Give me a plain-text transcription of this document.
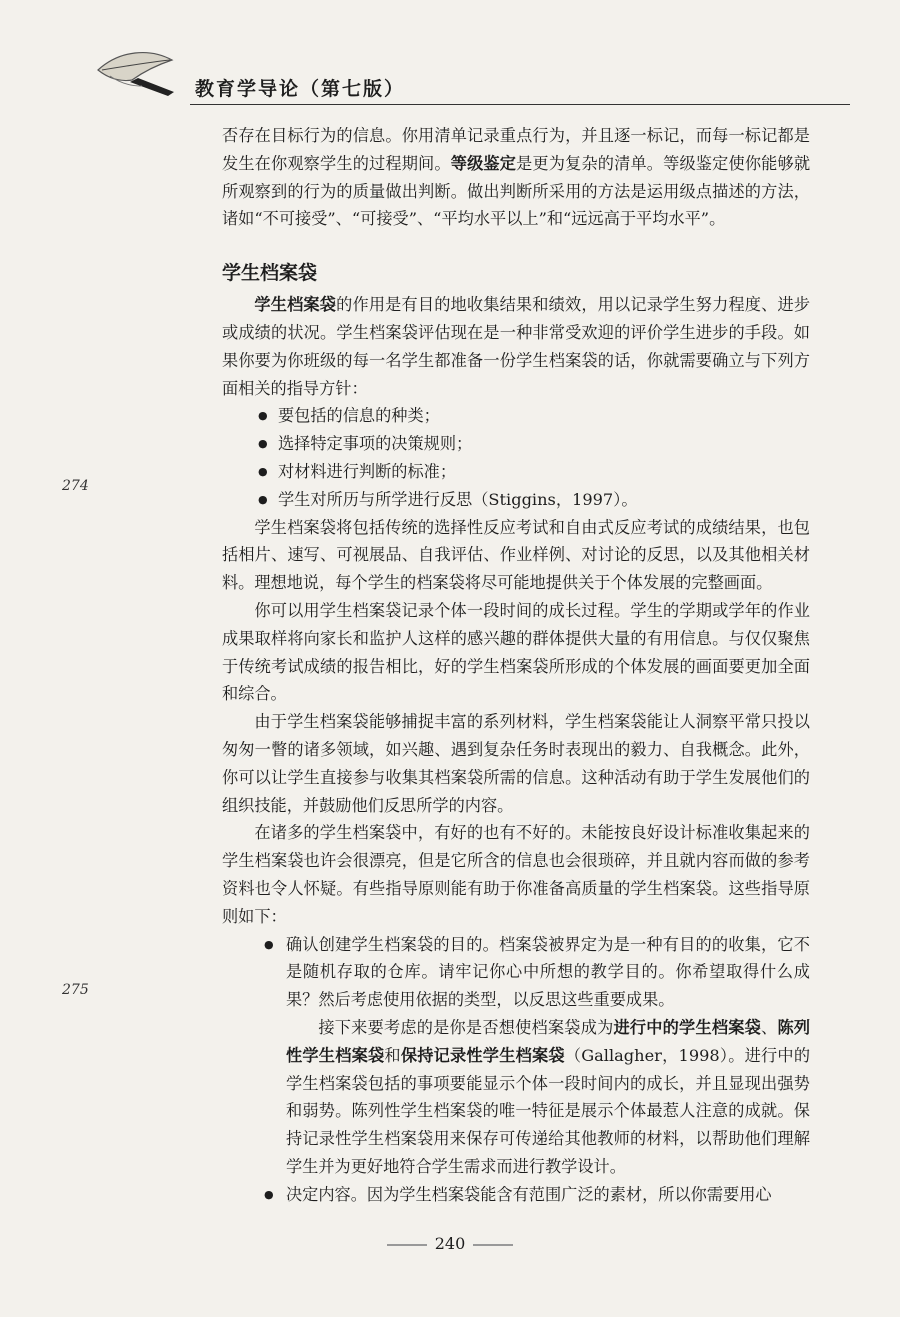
教育学导论（第七版）
274
275

否存在目标行为的信息。你用清单记录重点行为，并且逐一标记，而每一标记都是发生在你观察学生的过程期间。等级鉴定是更为复杂的清单。等级鉴定使你能够就所观察到的行为的质量做出判断。做出判断所采用的方法是运用级点描述的方法，诸如“不可接受”、“可接受”、“平均水平以上”和“远远高于平均水平”。

学生档案袋

学生档案袋的作用是有目的地收集结果和绩效，用以记录学生努力程度、进步或成绩的状况。学生档案袋评估现在是一种非常受欢迎的评价学生进步的手段。如果你要为你班级的每一名学生都准备一份学生档案袋的话，你就需要确立与下列方面相关的指导方针：

● 要包括的信息的种类；
● 选择特定事项的决策规则；
● 对材料进行判断的标准；
● 学生对所历与所学进行反思（Stiggins，1997）。

学生档案袋将包括传统的选择性反应考试和自由式反应考试的成绩结果，也包括相片、速写、可视展品、自我评估、作业样例、对讨论的反思，以及其他相关材料。理想地说，每个学生的档案袋将尽可能地提供关于个体发展的完整画面。

你可以用学生档案袋记录个体一段时间的成长过程。学生的学期或学年的作业成果取样将向家长和监护人这样的感兴趣的群体提供大量的有用信息。与仅仅聚焦于传统考试成绩的报告相比，好的学生档案袋所形成的个体发展的画面要更加全面和综合。

由于学生档案袋能够捕捉丰富的系列材料，学生档案袋能让人洞察平常只投以匆匆一瞥的诸多领域，如兴趣、遇到复杂任务时表现出的毅力、自我概念。此外，你可以让学生直接参与收集其档案袋所需的信息。这种活动有助于学生发展他们的组织技能，并鼓励他们反思所学的内容。

在诸多的学生档案袋中，有好的也有不好的。未能按良好设计标准收集起来的学生档案袋也许会很漂亮，但是它所含的信息也会很琐碎，并且就内容而做的参考资料也令人怀疑。有些指导原则能有助于你准备高质量的学生档案袋。这些指导原则如下：

● 确认创建学生档案袋的目的。档案袋被界定为是一种有目的的收集，它不是随机存取的仓库。请牢记你心中所想的教学目的。你希望取得什么成果？然后考虑使用依据的类型，以反思这些重要成果。

接下来要考虑的是你是否想使档案袋成为进行中的学生档案袋、陈列性学生档案袋和保持记录性学生档案袋（Gallagher，1998）。进行中的学生档案袋包括的事项要能显示个体一段时间内的成长，并且显现出强势和弱势。陈列性学生档案袋的唯一特征是展示个体最惹人注意的成就。保持记录性学生档案袋用来保存可传递给其他教师的材料，以帮助他们理解学生并为更好地符合学生需求而进行教学设计。

● 决定内容。因为学生档案袋能含有范围广泛的素材，所以你需要用心
240
